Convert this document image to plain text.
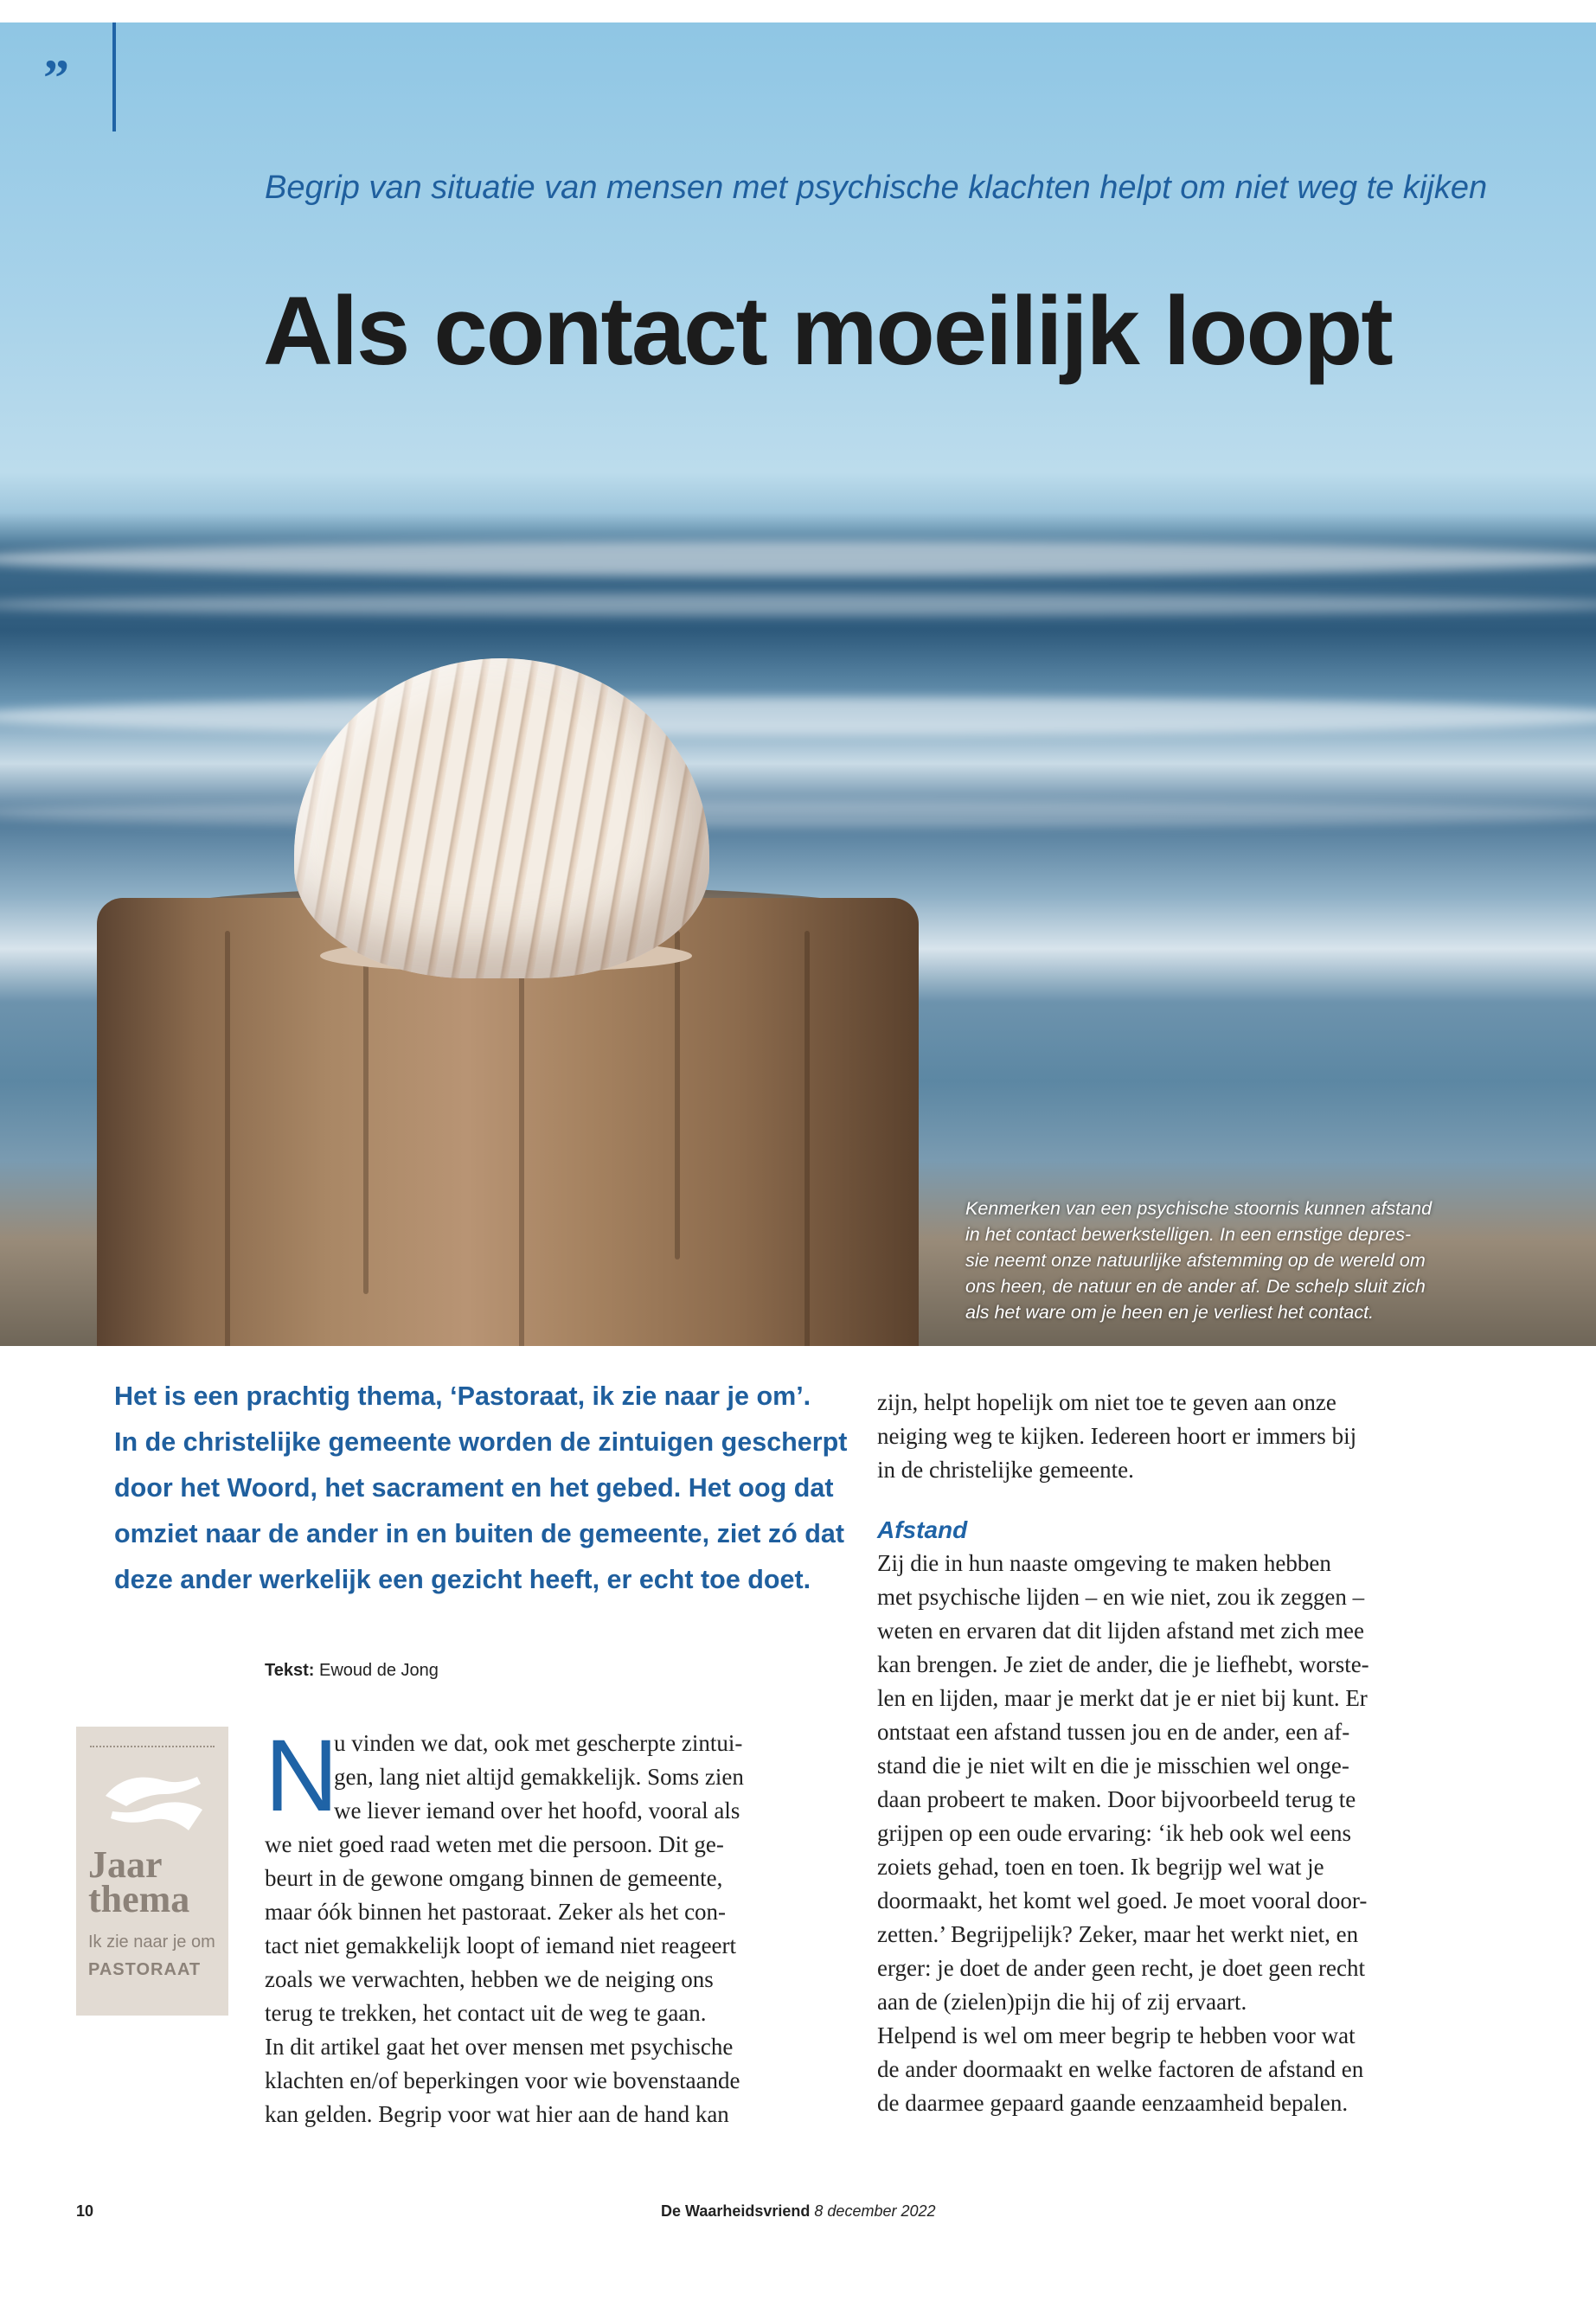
Kenmerken van een psychische stoornis kunnen afstand
in het contact bewerkstelligen. In een ernstige depres-
sie neemt onze natuurlijke afstemming op de wereld om
ons heen, de natuur en de ander af. De schelp sluit zich
als het ware om je heen en je verliest het contact.
”
Begrip van situatie van mensen met psychische klachten helpt om niet weg te kijken
Als contact moeilijk loopt
Het is een prachtig thema, ‘Pastoraat, ik zie naar je om’.
In de christelijke gemeente worden de zintuigen gescherpt
door het Woord, het sacrament en het gebed. Het oog dat
omziet naar de ander in en buiten de gemeente, ziet zó dat
deze ander werkelijk een gezicht heeft, er echt toe doet.
Tekst: Ewoud de Jong
Jaar
thema
Ik zie naar je om
PASTORAAT
N
u vinden we dat, ook met gescherpte zintui-
gen, lang niet altijd gemakkelijk. Soms zien
we liever iemand over het hoofd, vooral als
we niet goed raad weten met die persoon. Dit ge-
beurt in de gewone omgang binnen de gemeente,
maar óók binnen het pastoraat. Zeker als het con-
tact niet gemakkelijk loopt of iemand niet reageert
zoals we verwachten, hebben we de neiging ons
terug te trekken, het contact uit de weg te gaan.
In dit artikel gaat het over mensen met psychische
klachten en/of beperkingen voor wie bovenstaande
kan gelden. Begrip voor wat hier aan de hand kan
zijn, helpt hopelijk om niet toe te geven aan onze
neiging weg te kijken. Iedereen hoort er immers bij
in de christelijke gemeente.
Afstand
Zij die in hun naaste omgeving te maken hebben
met psychische lijden – en wie niet, zou ik zeggen –
weten en ervaren dat dit lijden afstand met zich mee
kan brengen. Je ziet de ander, die je liefhebt, worste-
len en lijden, maar je merkt dat je er niet bij kunt. Er
ontstaat een afstand tussen jou en de ander, een af-
stand die je niet wilt en die je misschien wel onge-
daan probeert te maken. Door bijvoorbeeld terug te
grijpen op een oude ervaring: ‘ik heb ook wel eens
zoiets gehad, toen en toen. Ik begrijp wel wat je
doormaakt, het komt wel goed. Je moet vooral door-
zetten.’ Begrijpelijk? Zeker, maar het werkt niet, en
erger: je doet de ander geen recht, je doet geen recht
aan de (zielen)pijn die hij of zij ervaart.
Helpend is wel om meer begrip te hebben voor wat
de ander doormaakt en welke factoren de afstand en
de daarmee gepaard gaande eenzaamheid bepalen.
10	De Waarheidsvriend 8 december 2022
